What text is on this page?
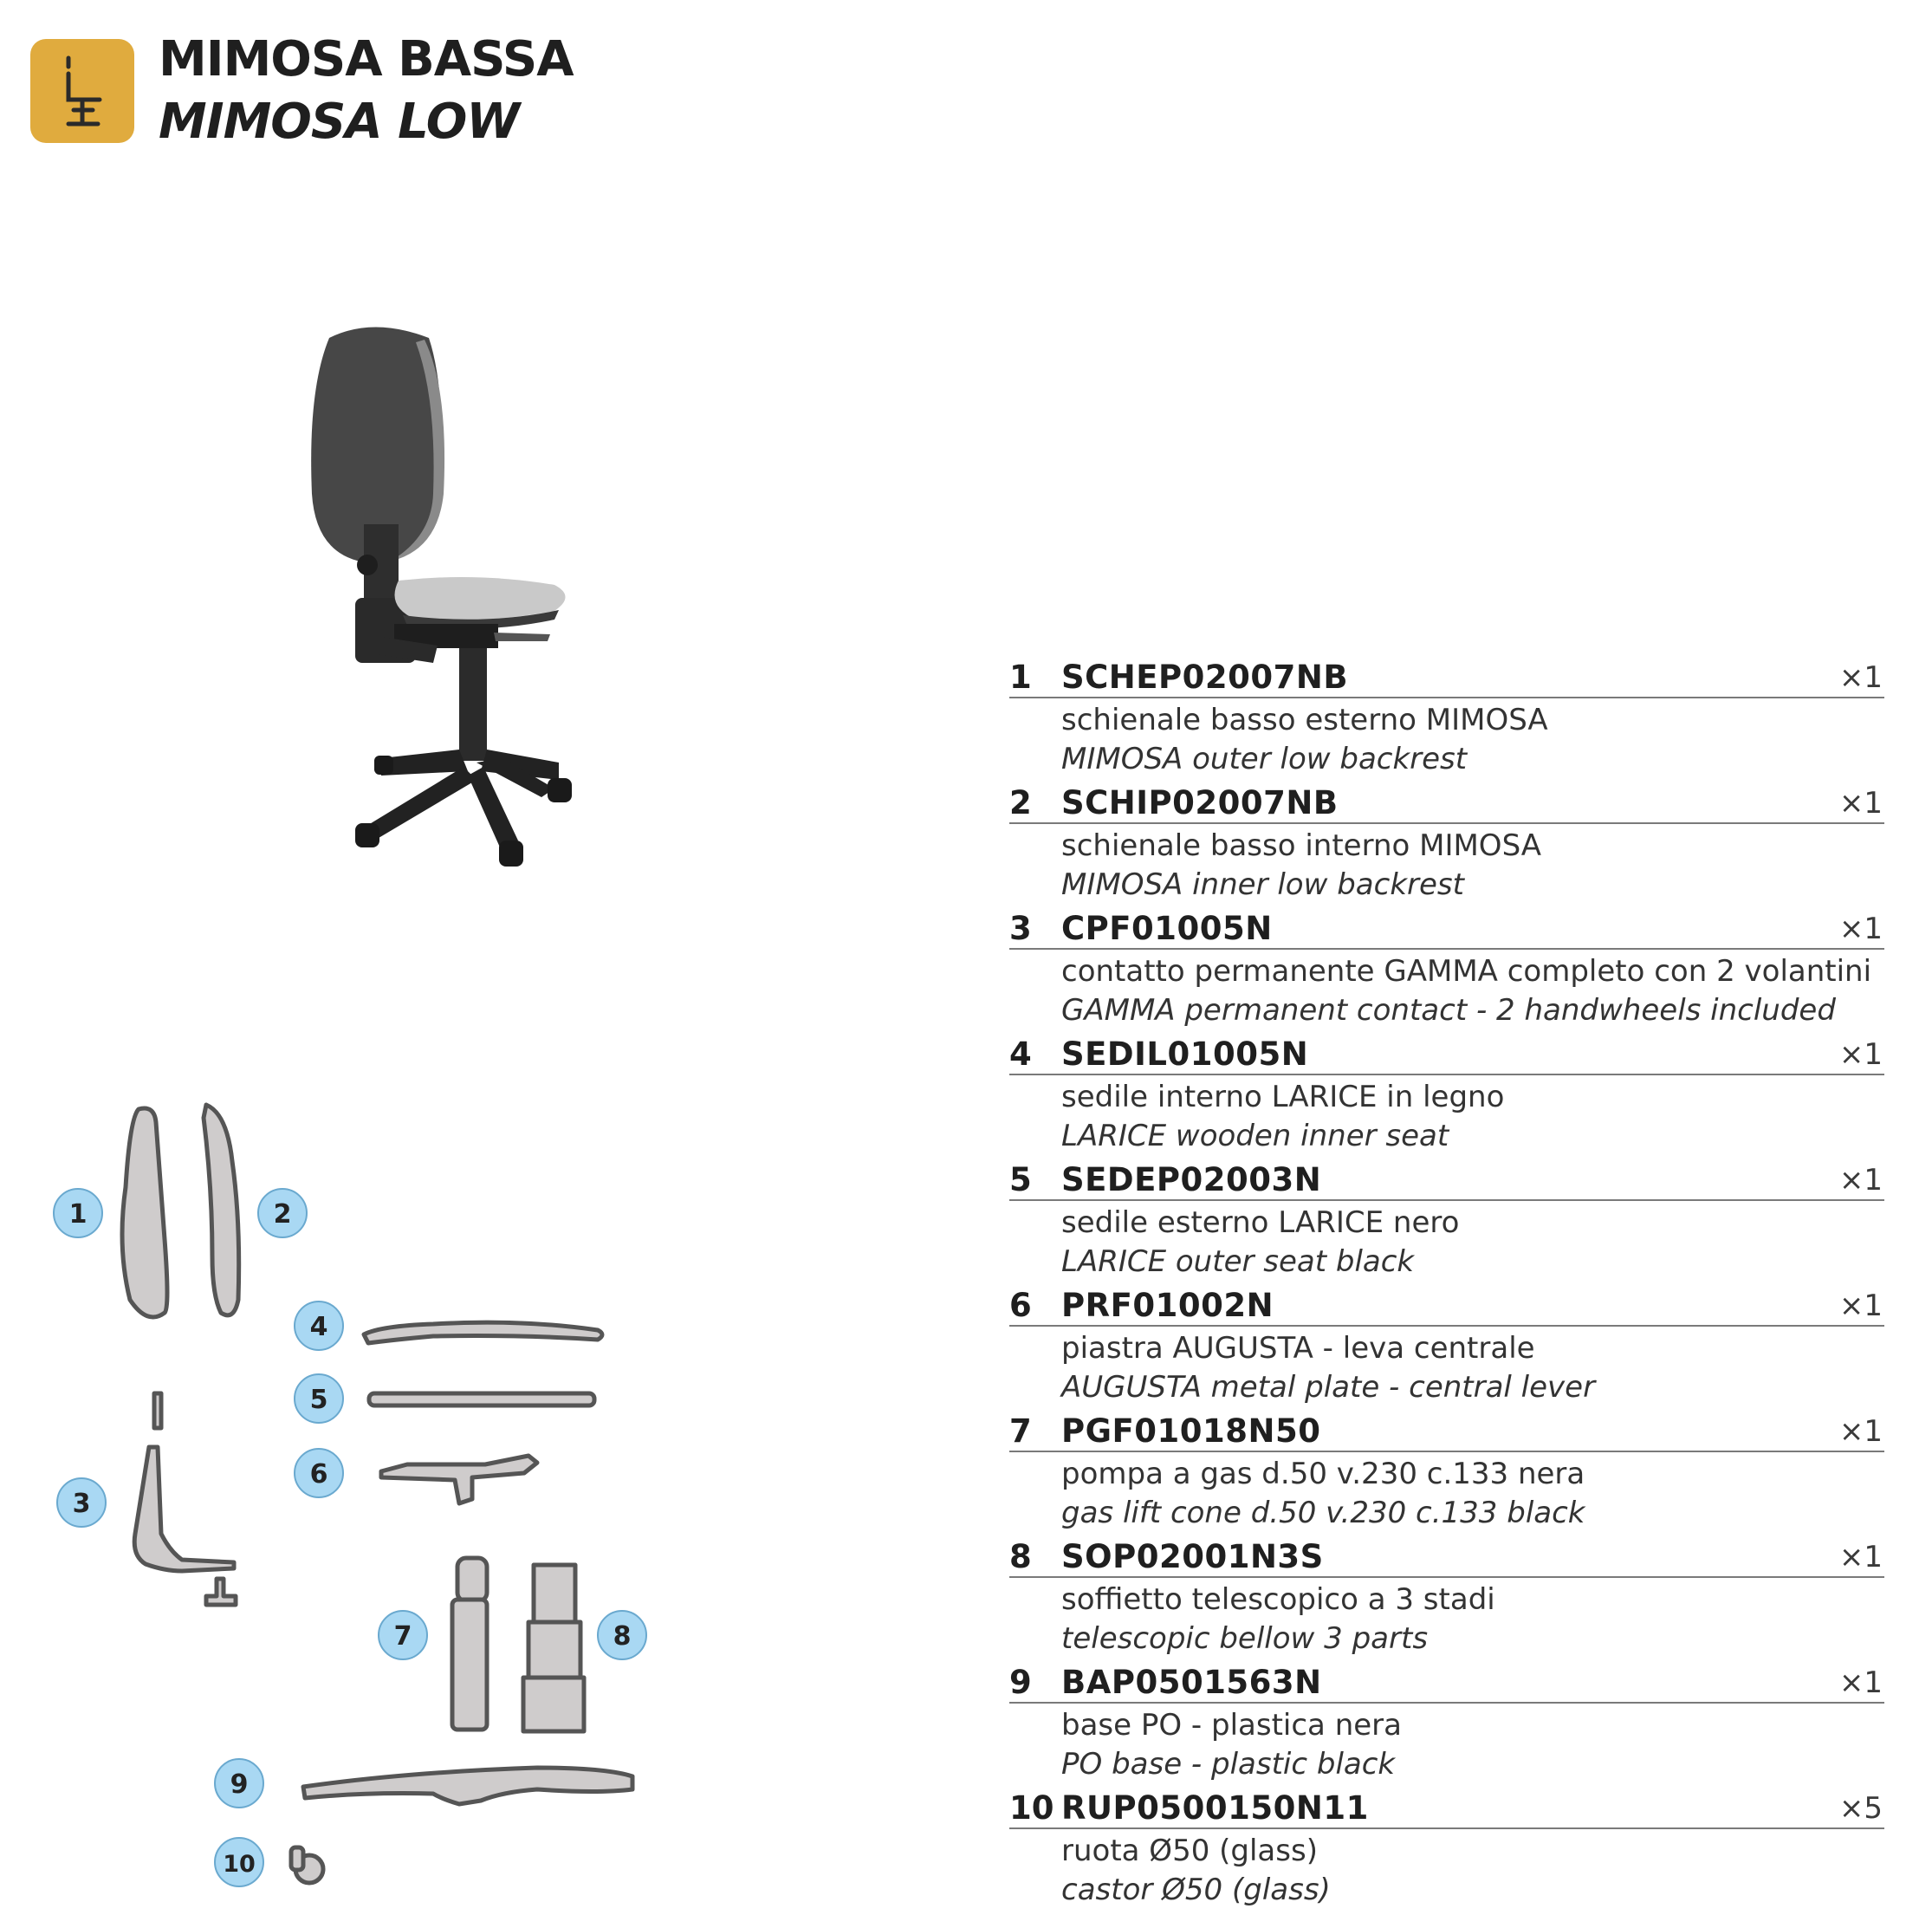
MIMOSA BASSA
MIMOSA LOW
1	2
3
4
5
6
7	8
9
10
1 SCHEP02007NB	×1
schienale basso esterno MIMOSA
MIMOSA outer low backrest
2 SCHIP02007NB	×1
schienale basso interno MIMOSA
MIMOSA inner low backrest
3 CPF01005N	×1
contatto permanente GAMMA completo con 2 volantini
GAMMA permanent contact - 2 handwheels included
4 SEDIL01005N	×1
sedile interno LARICE in legno
LARICE wooden inner seat
5 SEDEP02003N	×1
sedile esterno LARICE nero
LARICE outer seat black
6 PRF01002N	×1
piastra AUGUSTA - leva centrale
AUGUSTA metal plate - central lever
7 PGF01018N50	×1
pompa a gas d.50 v.230 c.133 nera
gas lift cone d.50 v.230 c.133 black
8 SOP02001N3S	×1
soffietto telescopico a 3 stadi
telescopic bellow 3 parts
9 BAP0501563N	×1
base PO - plastica nera
PO base - plastic black
10 RUP0500150N11	×5
ruota Ø50 (glass)
castor Ø50 (glass)
